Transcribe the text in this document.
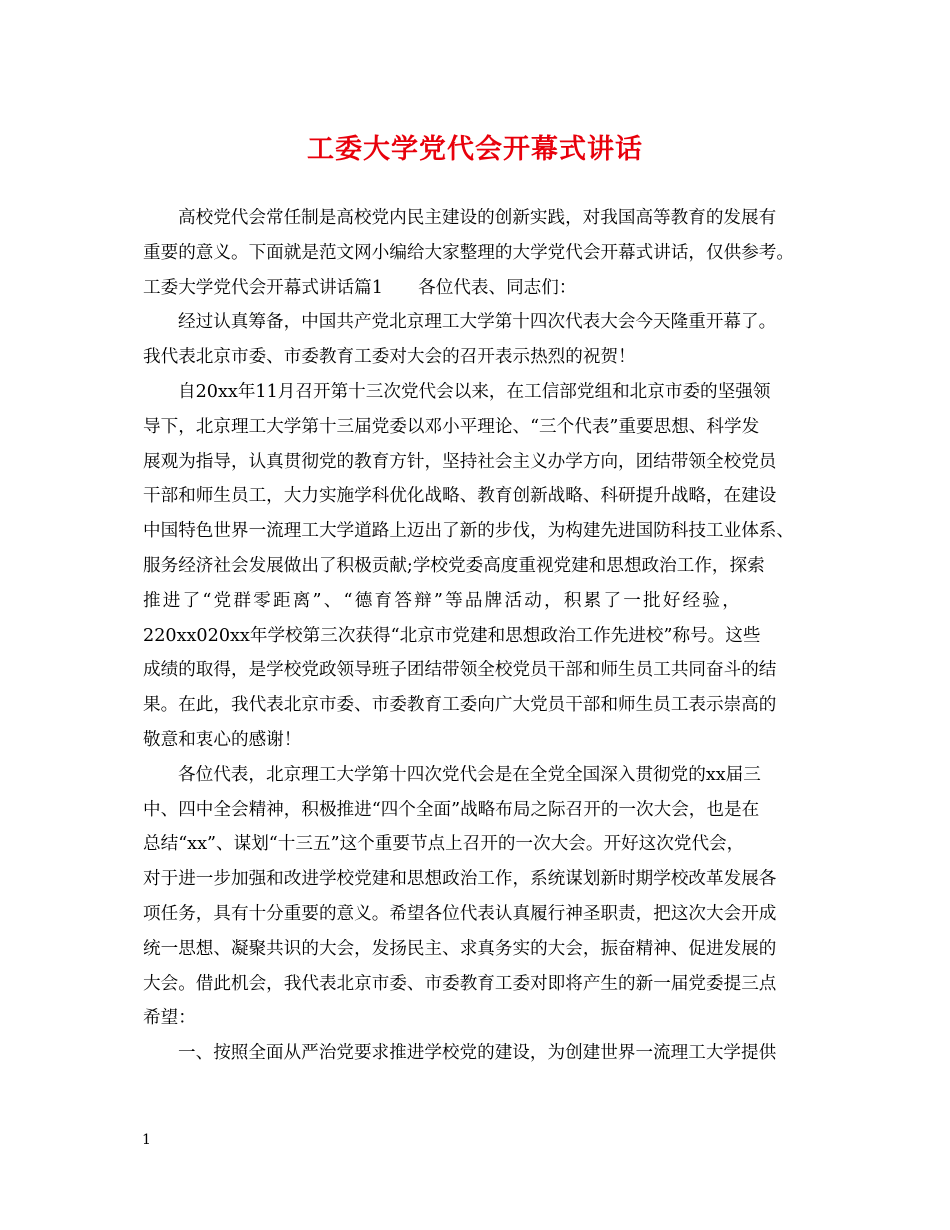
工委大学党代会开幕式讲话
高校党代会常任制是高校党内民主建设的创新实践，对我国高等教育的发展有
重要的意义。下面就是范文网小编给大家整理的大学党代会开幕式讲话，仅供参考。
工委大学党代会开幕式讲话篇1　　各位代表、同志们：
经过认真筹备，中国共产党北京理工大学第十四次代表大会今天隆重开幕了。
我代表北京市委、市委教育工委对大会的召开表示热烈的祝贺！
自20xx年11月召开第十三次党代会以来，在工信部党组和北京市委的坚强领
导下，北京理工大学第十三届党委以邓小平理论、“三个代表”重要思想、科学发
展观为指导，认真贯彻党的教育方针，坚持社会主义办学方向，团结带领全校党员
干部和师生员工，大力实施学科优化战略、教育创新战略、科研提升战略，在建设
中国特色世界一流理工大学道路上迈出了新的步伐，为构建先进国防科技工业体系、
服务经济社会发展做出了积极贡献;学校党委高度重视党建和思想政治工作，探索
推进了“党群零距离”、“德育答辩”等品牌活动，积累了一批好经验，
220xx020xx年学校第三次获得“北京市党建和思想政治工作先进校”称号。这些
成绩的取得，是学校党政领导班子团结带领全校党员干部和师生员工共同奋斗的结
果。在此，我代表北京市委、市委教育工委向广大党员干部和师生员工表示崇高的
敬意和衷心的感谢！
各位代表，北京理工大学第十四次党代会是在全党全国深入贯彻党的xx届三
中、四中全会精神，积极推进“四个全面”战略布局之际召开的一次大会，也是在
总结“xx”、谋划“十三五”这个重要节点上召开的一次大会。开好这次党代会，
对于进一步加强和改进学校党建和思想政治工作，系统谋划新时期学校改革发展各
项任务，具有十分重要的意义。希望各位代表认真履行神圣职责，把这次大会开成
统一思想、凝聚共识的大会，发扬民主、求真务实的大会，振奋精神、促进发展的
大会。借此机会，我代表北京市委、市委教育工委对即将产生的新一届党委提三点
希望：
一、按照全面从严治党要求推进学校党的建设，为创建世界一流理工大学提供
1
